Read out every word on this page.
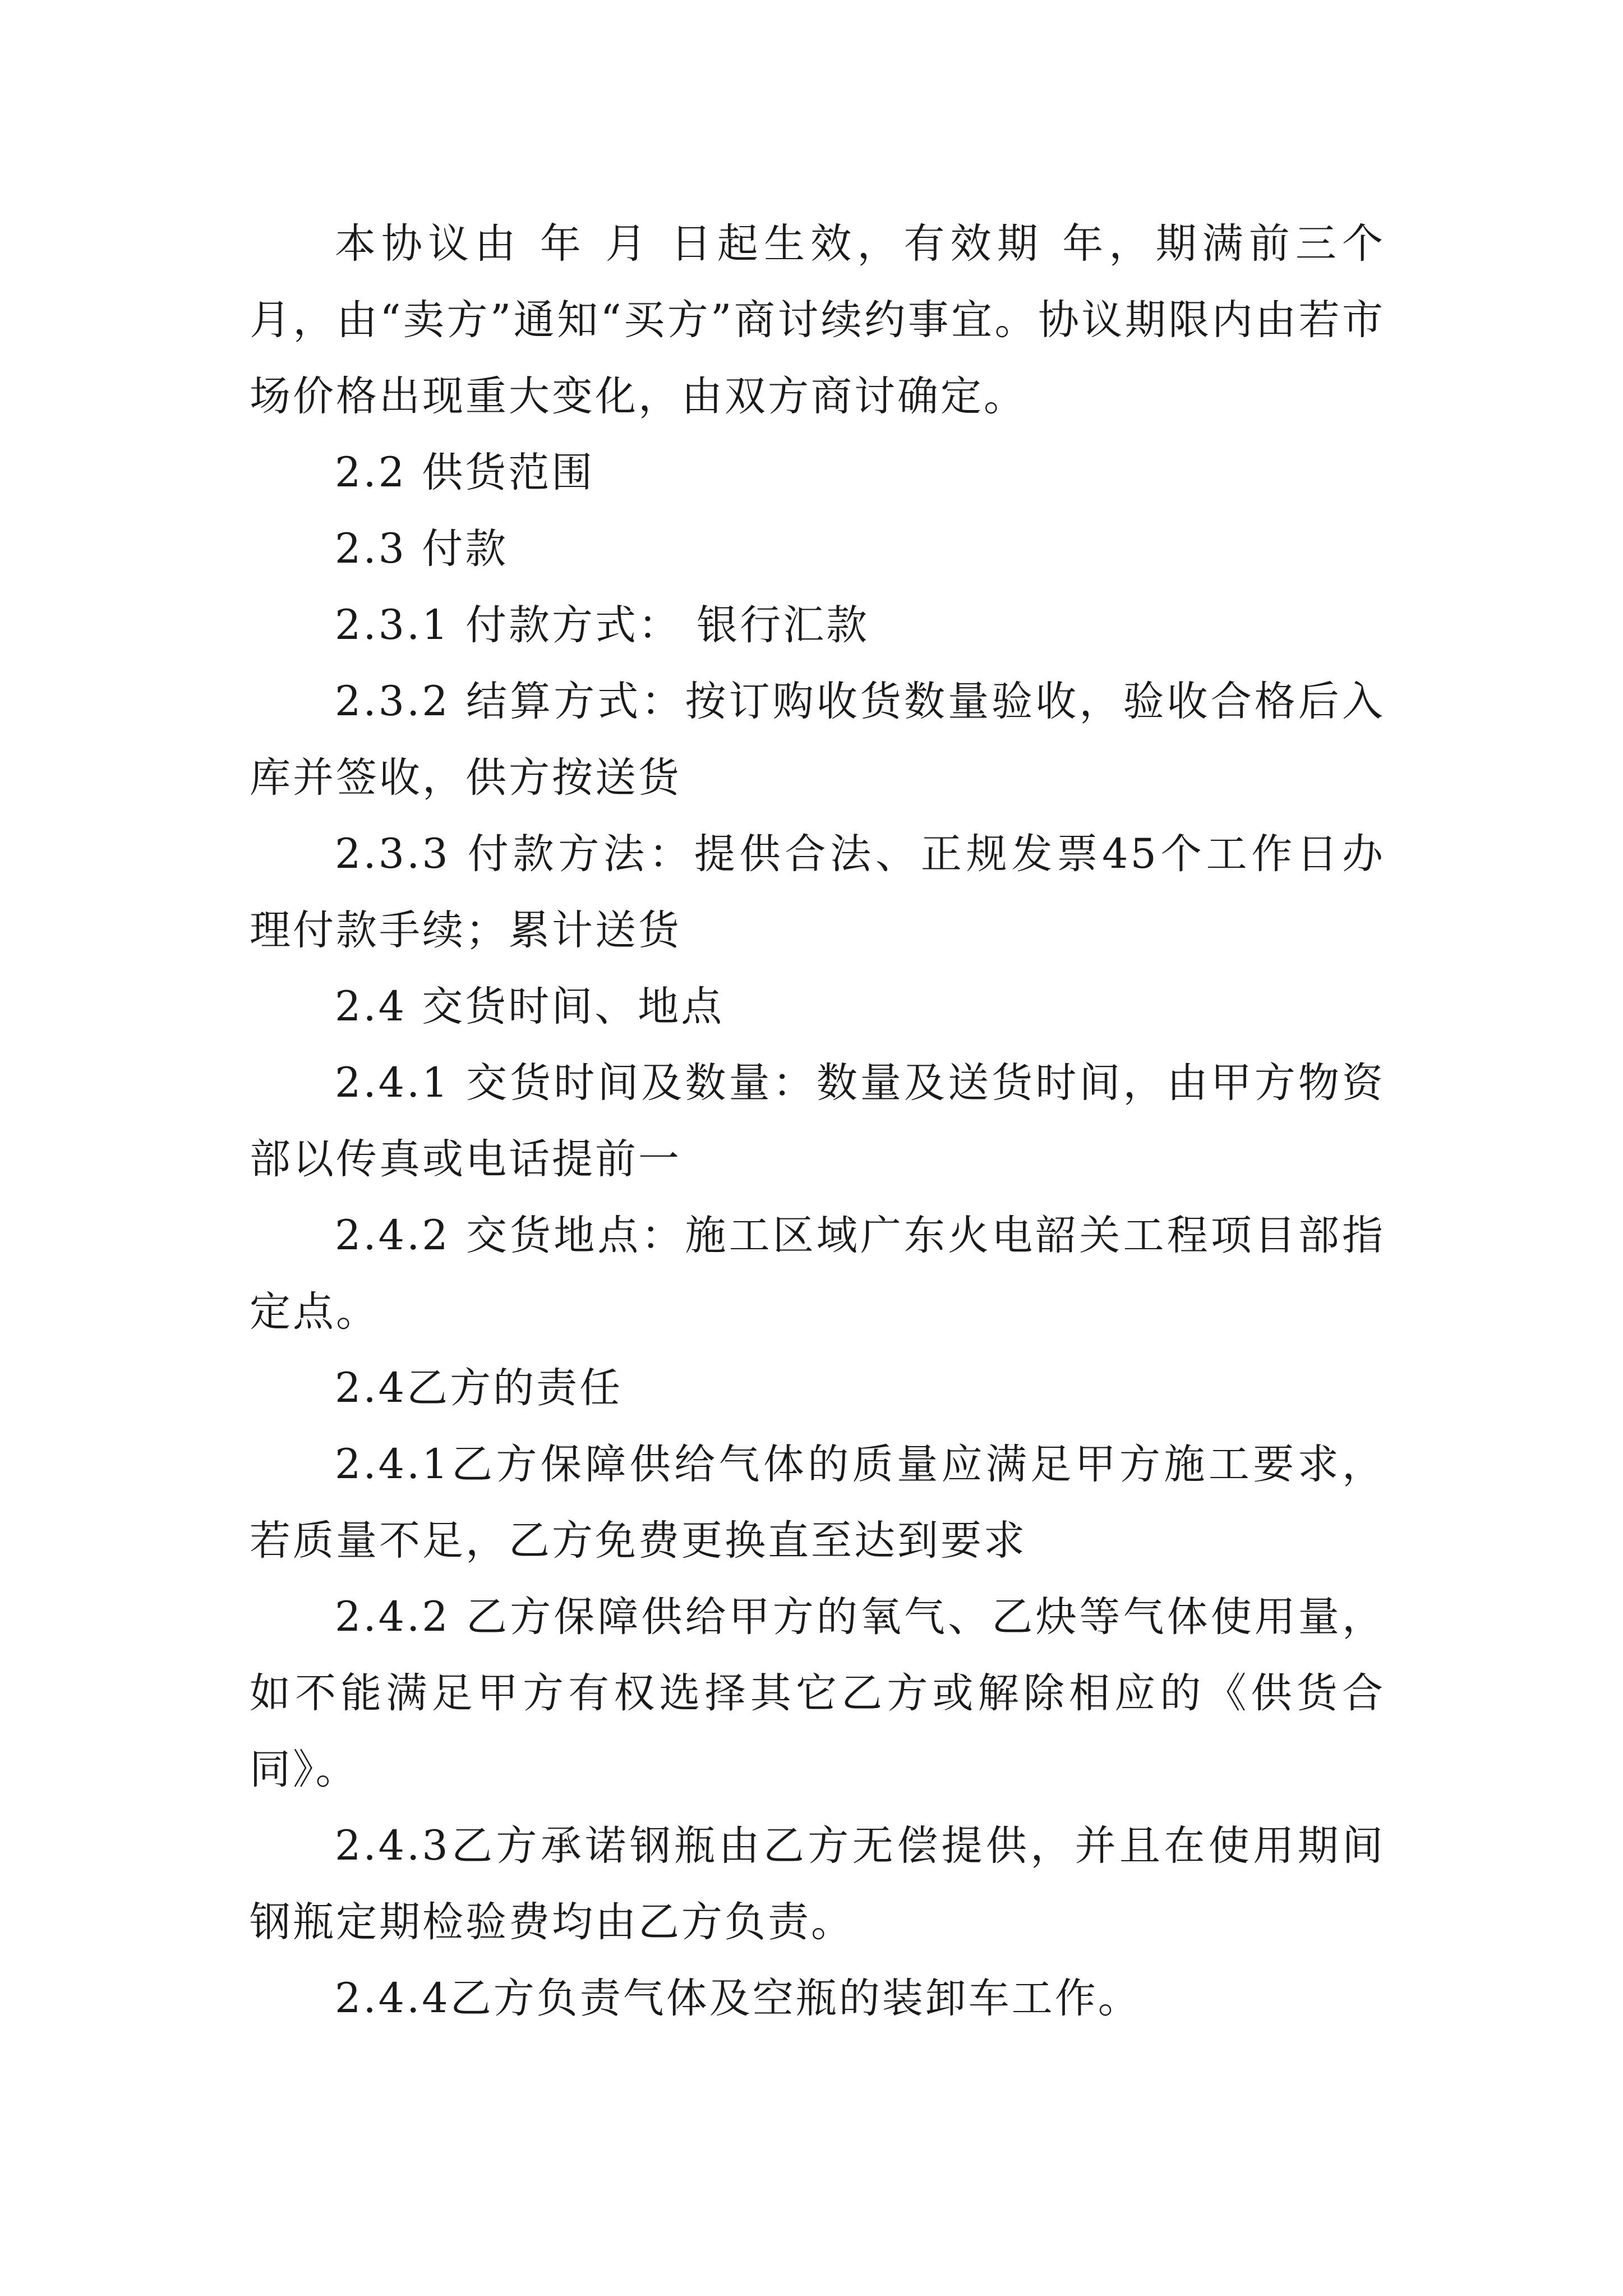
本协议由 年 月 日起生效，有效期 年，期满前三个月，由“卖方”通知“买方”商讨续约事宜。协议期限内由若市场价格出现重大变化，由双方商讨确定。

2.2 供货范围

2.3 付款

2.3.1 付款方式： 银行汇款

2.3.2 结算方式：按订购收货数量验收，验收合格后入库并签收，供方按送货

2.3.3 付款方法：提供合法、正规发票45个工作日办理付款手续；累计送货

2.4 交货时间、地点

2.4.1 交货时间及数量：数量及送货时间，由甲方物资部以传真或电话提前一

2.4.2 交货地点：施工区域广东火电韶关工程项目部指定点。

2.4乙方的责任

2.4.1乙方保障供给气体的质量应满足甲方施工要求，若质量不足，乙方免费更换直至达到要求

2.4.2 乙方保障供给甲方的氧气、乙炔等气体使用量，如不能满足甲方有权选择其它乙方或解除相应的《供货合同》。

2.4.3乙方承诺钢瓶由乙方无偿提供，并且在使用期间钢瓶定期检验费均由乙方负责。

2.4.4乙方负责气体及空瓶的装卸车工作。
